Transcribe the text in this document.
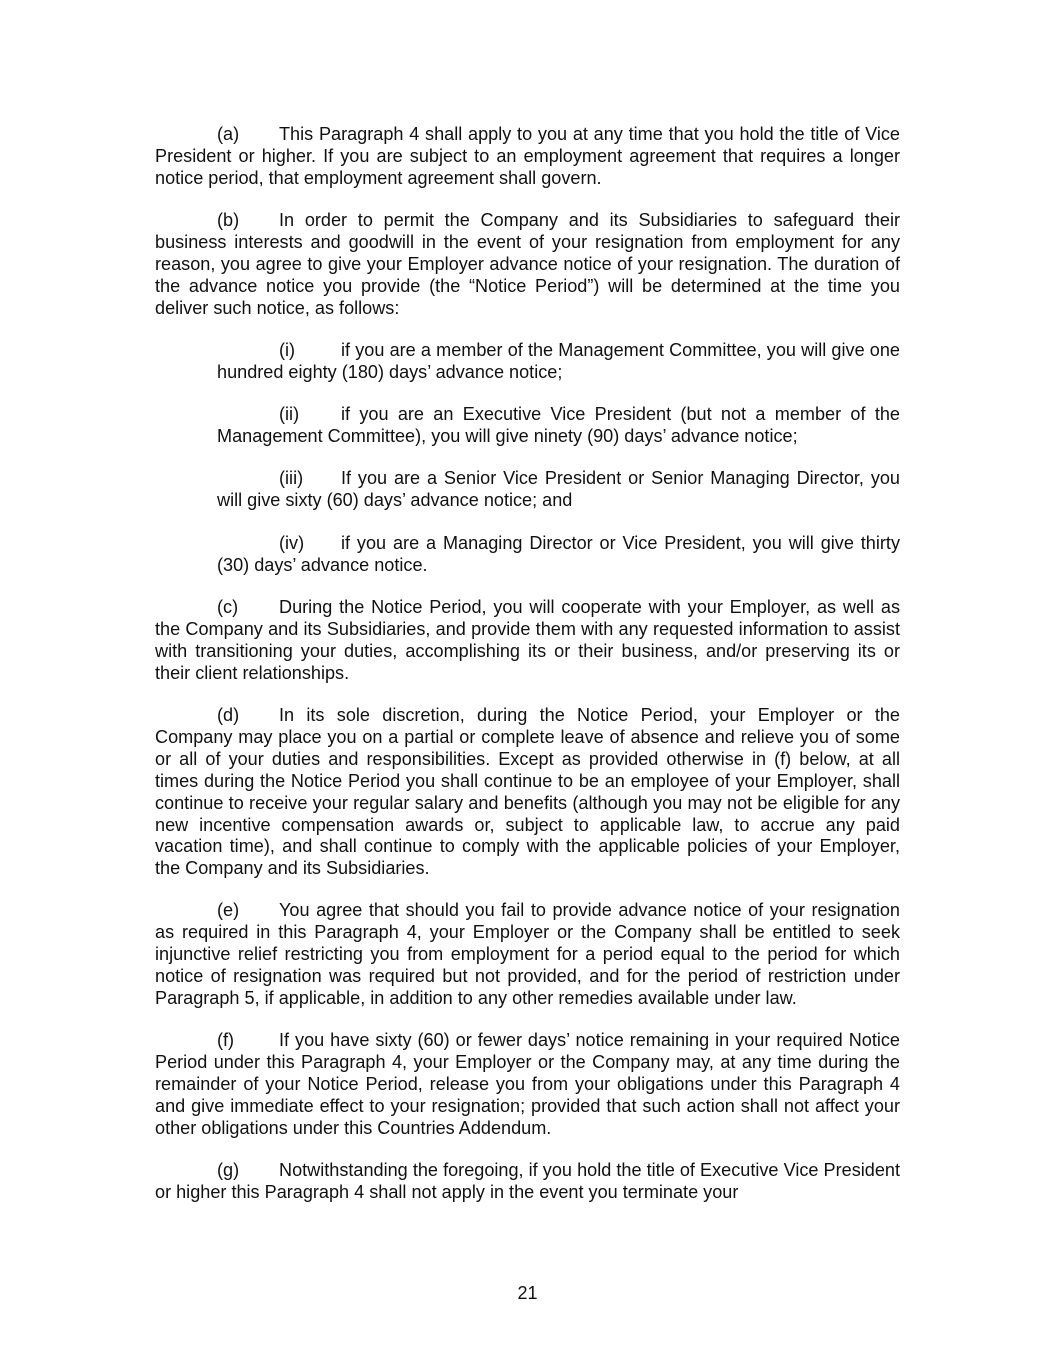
(a) This Paragraph 4 shall apply to you at any time that you hold the title of Vice President or higher. If you are subject to an employment agreement that requires a longer notice period, that employment agreement shall govern.

(b) In order to permit the Company and its Subsidiaries to safeguard their business interests and goodwill in the event of your resignation from employment for any reason, you agree to give your Employer advance notice of your resignation. The duration of the advance notice you provide (the “Notice Period”) will be determined at the time you deliver such notice, as follows:

(i)	if you are a member of the Management Committee, you will give one hundred eighty (180) days’ advance notice;

(ii) if you are an Executive Vice President (but not a member of the Management Committee), you will give ninety (90) days’ advance notice;

(iii) If you are a Senior Vice President or Senior Managing Director, you will give sixty (60) days’ advance notice; and

(iv) if you are a Managing Director or Vice President, you will give thirty (30) days’ advance notice.

(c) During the Notice Period, you will cooperate with your Employer, as well as the Company and its Subsidiaries, and provide them with any requested information to assist with transitioning your duties, accomplishing its or their business, and/or preserving its or their client relationships.

(d) In its sole discretion, during the Notice Period, your Employer or the Company may place you on a partial or complete leave of absence and relieve you of some or all of your duties and responsibilities. Except as provided otherwise in (f) below, at all times during the Notice Period you shall continue to be an employee of your Employer, shall continue to receive your regular salary and benefits (although you may not be eligible for any new incentive compensation awards or, subject to applicable law, to accrue any paid vacation time), and shall continue to comply with the applicable policies of your Employer, the Company and its Subsidiaries.

(e) You agree that should you fail to provide advance notice of your resignation as required in this Paragraph 4, your Employer or the Company shall be entitled to seek injunctive relief restricting you from employment for a period equal to the period for which notice of resignation was required but not provided, and for the period of restriction under Paragraph 5, if applicable, in addition to any other remedies available under law.

(f) If you have sixty (60) or fewer days’ notice remaining in your required Notice Period under this Paragraph 4, your Employer or the Company may, at any time during the remainder of your Notice Period, release you from your obligations under this Paragraph 4 and give immediate effect to your resignation; provided that such action shall not affect your other obligations under this Countries Addendum.

(g) Notwithstanding the foregoing, if you hold the title of Executive Vice President or higher this Paragraph 4 shall not apply in the event you terminate your

21
